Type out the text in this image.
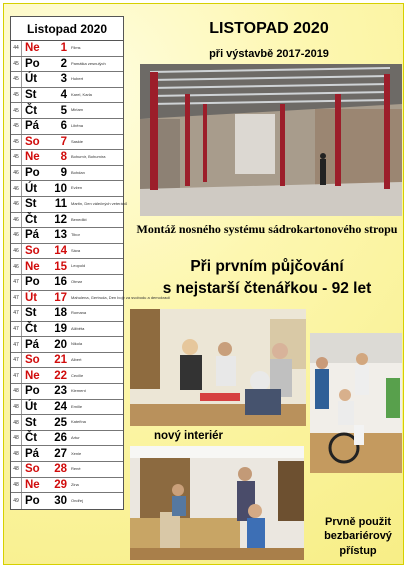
Listopad 2020
44 Ne	1 Films
45 Po	2 Památka zesnulých
45 Út	3 Hubert
45 St	4 Karel, Karla
45 Čt	5 Miriam
45 Pá	6 Liběna
45 So	7 Saskie
45 Ne	8 Bohumír, Bohumíra
46 Po	9 Bohdan
46 Út	10 Evžen
46 St	11 Martin, Den válečných veteránů
46 Čt	12 Benedikt
46 Pá	13 Tibor
46 So	14 Sáva
46 Ne	15 Leopold
47 Po	16 Otmar
47 Út	17 Mahulena, Gertruda, Den boje za svobodu a demokracii
47 St	18 Romana
47 Čt	19 Alžběta
47 Pá	20 Nikola
47 So	21 Albert
47 Ne	22 Cecílie
48 Po	23 Klement
48 Út	24 Emílie
48 St	25 Kateřina
48 Čt	26 Artur
48 Pá	27 Xenie
48 So	28 René
48 Ne	29 Zina
49 Po	30 Ondřej
LISTOPAD 2020
při výstavbě 2017-2019
Montáž nosného systému sádrokartonového stropu
Při prvním půjčování
s nejstarší čtenářkou - 92 let
nový interiér
Prvně použit
bezbariérový
přístup
